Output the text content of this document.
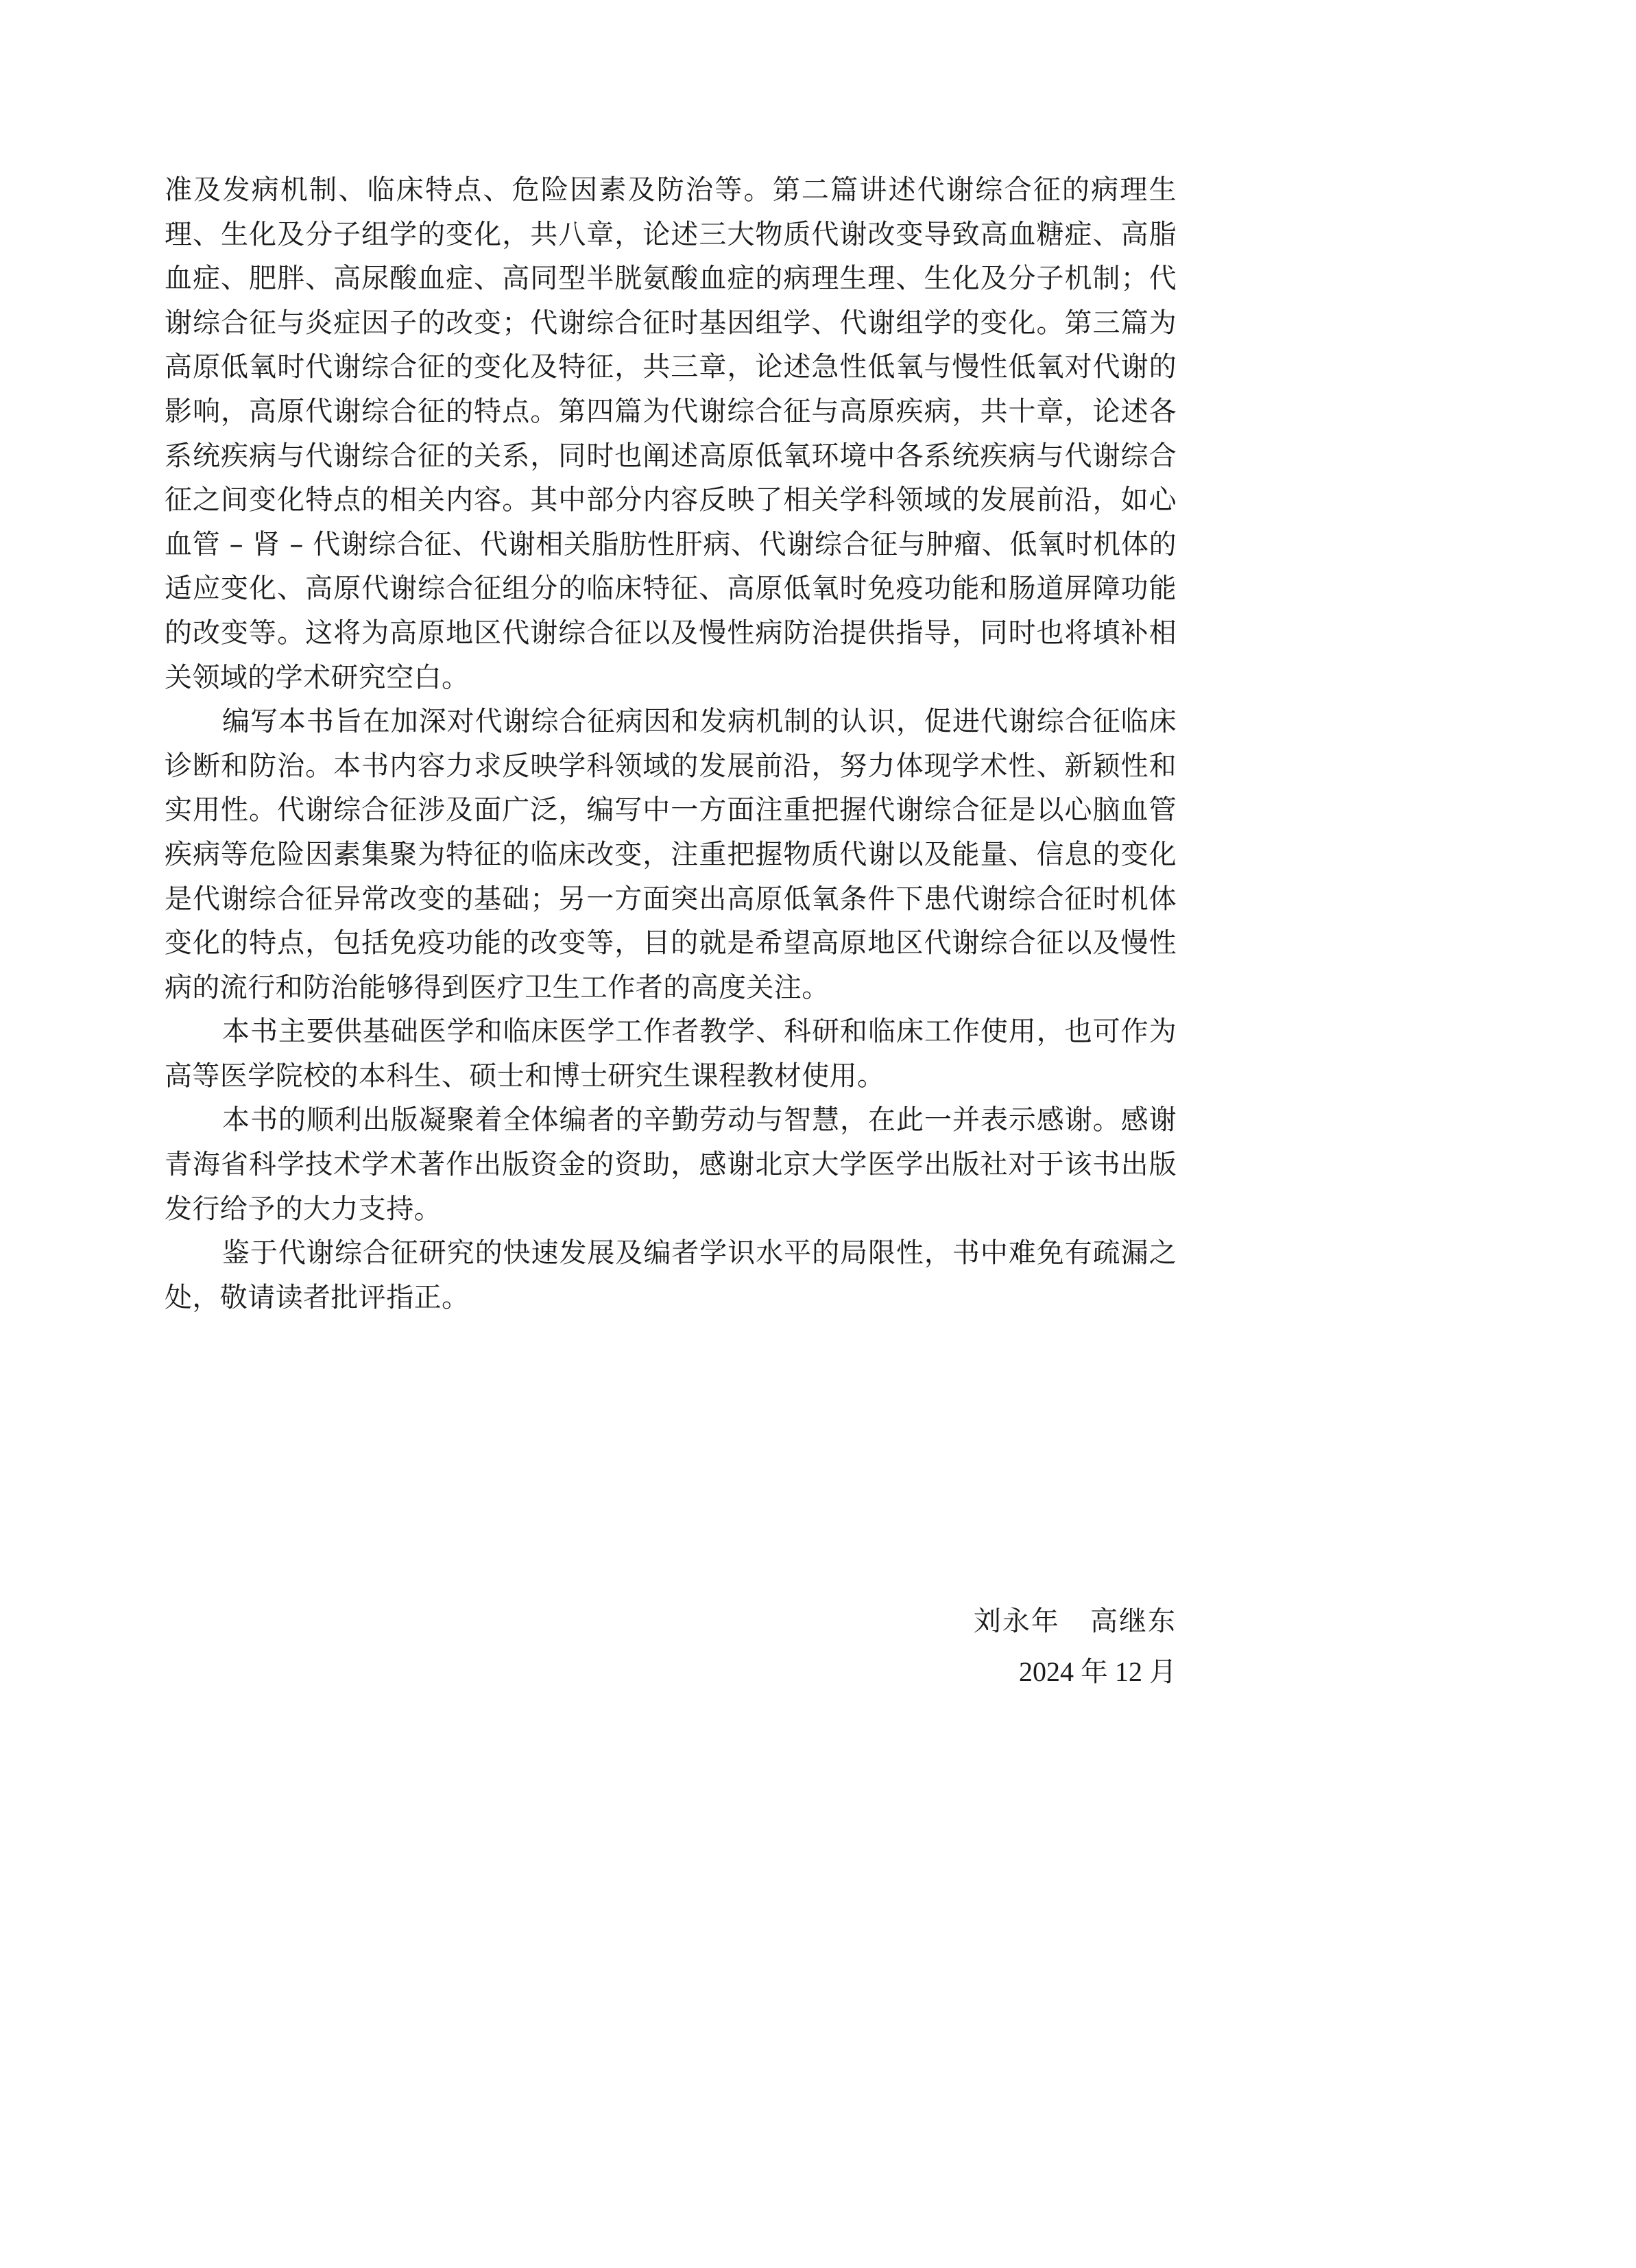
准及发病机制、临床特点、危险因素及防治等。第二篇讲述代谢综合征的病理生理、生化及分子组学的变化，共八章，论述三大物质代谢改变导致高血糖症、高脂血症、肥胖、高尿酸血症、高同型半胱氨酸血症的病理生理、生化及分子机制；代谢综合征与炎症因子的改变；代谢综合征时基因组学、代谢组学的变化。第三篇为高原低氧时代谢综合征的变化及特征，共三章，论述急性低氧与慢性低氧对代谢的影响，高原代谢综合征的特点。第四篇为代谢综合征与高原疾病，共十章，论述各系统疾病与代谢综合征的关系，同时也阐述高原低氧环境中各系统疾病与代谢综合征之间变化特点的相关内容。其中部分内容反映了相关学科领域的发展前沿，如心血管 – 肾 – 代谢综合征、代谢相关脂肪性肝病、代谢综合征与肿瘤、低氧时机体的适应变化、高原代谢综合征组分的临床特征、高原低氧时免疫功能和肠道屏障功能的改变等。这将为高原地区代谢综合征以及慢性病防治提供指导，同时也将填补相关领域的学术研究空白。

编写本书旨在加深对代谢综合征病因和发病机制的认识，促进代谢综合征临床诊断和防治。本书内容力求反映学科领域的发展前沿，努力体现学术性、新颖性和实用性。代谢综合征涉及面广泛，编写中一方面注重把握代谢综合征是以心脑血管疾病等危险因素集聚为特征的临床改变，注重把握物质代谢以及能量、信息的变化是代谢综合征异常改变的基础；另一方面突出高原低氧条件下患代谢综合征时机体变化的特点，包括免疫功能的改变等，目的就是希望高原地区代谢综合征以及慢性病的流行和防治能够得到医疗卫生工作者的高度关注。

本书主要供基础医学和临床医学工作者教学、科研和临床工作使用，也可作为高等医学院校的本科生、硕士和博士研究生课程教材使用。

本书的顺利出版凝聚着全体编者的辛勤劳动与智慧，在此一并表示感谢。感谢青海省科学技术学术著作出版资金的资助，感谢北京大学医学出版社对于该书出版发行给予的大力支持。

鉴于代谢综合征研究的快速发展及编者学识水平的局限性，书中难免有疏漏之处，敬请读者批评指正。

刘永年   高继东
2024 年 12 月
